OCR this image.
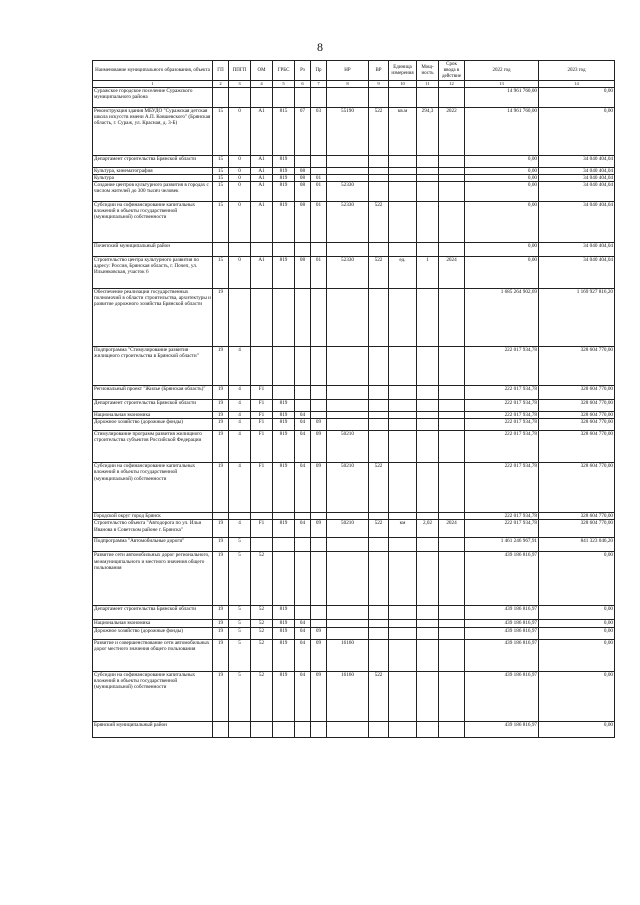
8
Наименование муниципального образования, объекта	ГП	ППГП	ОМ	ГРБС	Рз	Пр	НР	ВР	Единица измерения	Мощ-ность	Срок ввода в действие	2022 год	2023 год
1	2	3	4	5	6	7	8	9	10	11	12	13	14
Суражское городское поселение Суражского муниципального района												14 961 760,00	0,00
Реконструкция здания МБУДО "Суражская детская школа искусств имени А.П. Ковшевского" (Брянская область, г. Сураж, ул. Красная, д. 3-Б)	15	0	А1	815	07	03	55190	522	кв.м	294,3	2022	14 961 760,00	0,00
Департамент строительства Брянской области	15	0	А1	819								0,00	34 040 404,04
Культура, кинематография	15	0	А1	819	08							0,00	34 040 404,04
Культура	15	0	А1	819	08	01						0,00	34 040 404,04
Создание центров культурного развития в городах с числом жителей до 300 тысяч человек	15	0	А1	819	08	01	52330					0,00	34 040 404,04
Субсидии на софинансирование капитальных вложений в объекты государственной (муниципальной) собственности	15	0	А1	819	08	01	52330	522				0,00	34 040 404,04
Почепский муниципальный район												0,00	34 040 404,04
Строительство центра культурного развития по адресу: Россия, Брянская область, г. Почеп, ул. Ильинковская, участок 6	15	0	А1	819	08	01	52330	522	ед.	1	2024	0,00	34 040 404,04
Обеспечение реализации государственных полномочий в области строительства, архитектуры и развитие дорожного хозяйства Брянской области	19											1 685 264 902,69	1 169 927 816,20
Подпрограмма "Стимулирование развития жилищного строительства в Брянской области"	19	4										222 017 934,78	328 604 770,00
Региональный проект "Жилье (Брянская область)"	19	4	F1									222 017 934,78	328 604 770,00
Департамент строительства Брянской области	19	4	F1	819								222 017 934,78	328 604 770,00
Национальная экономика	19	4	F1	819	04							222 017 934,78	328 604 770,00
Дорожное хозяйство (дорожные фонды)	19	4	F1	819	04	09						222 017 934,78	328 604 770,00
Стимулирование программ развития жилищного строительства субъектов Российской Федерации	19	4	F1	819	04	09	50210					222 017 934,78	328 604 770,00
Субсидии на софинансирование капитальных вложений в объекты государственной (муниципальной) собственности	19	4	F1	819	04	09	50210	522				222 017 934,78	328 604 770,00
Городской округ город Брянск												222 017 934,78	328 604 770,00
Строительство объекта "Автодорога по ул. Ильи Иванова в Советском районе г. Брянска"	19	4	F1	819	04	09	50210	522	км	2,02	2024	222 017 934,78	328 604 770,00
Подпрограмма "Автомобильные дороги"	19	5										1 461 246 967,91	841 323 046,20
Развитие сети автомобильных дорог регионального, межмуниципального и местного значения общего пользования	19	5	52									439 186 816,97	0,00
Департамент строительства Брянской области	19	5	52	819								439 186 816,97	0,00
Национальная экономика	19	5	52	819	04							439 186 816,97	0,00
Дорожное хозяйство (дорожные фонды)	19	5	52	819	04	09						439 186 816,97	0,00
Развитие и совершенствование сети автомобильных дорог местного значения общего пользования	19	5	52	819	04	09	16160					439 186 816,97	0,00
Субсидии на софинансирование капитальных вложений в объекты государственной (муниципальной) собственности	19	5	52	819	04	09	16160	522				439 186 816,97	0,00
Брянский муниципальный район												439 186 816,97	0,00
